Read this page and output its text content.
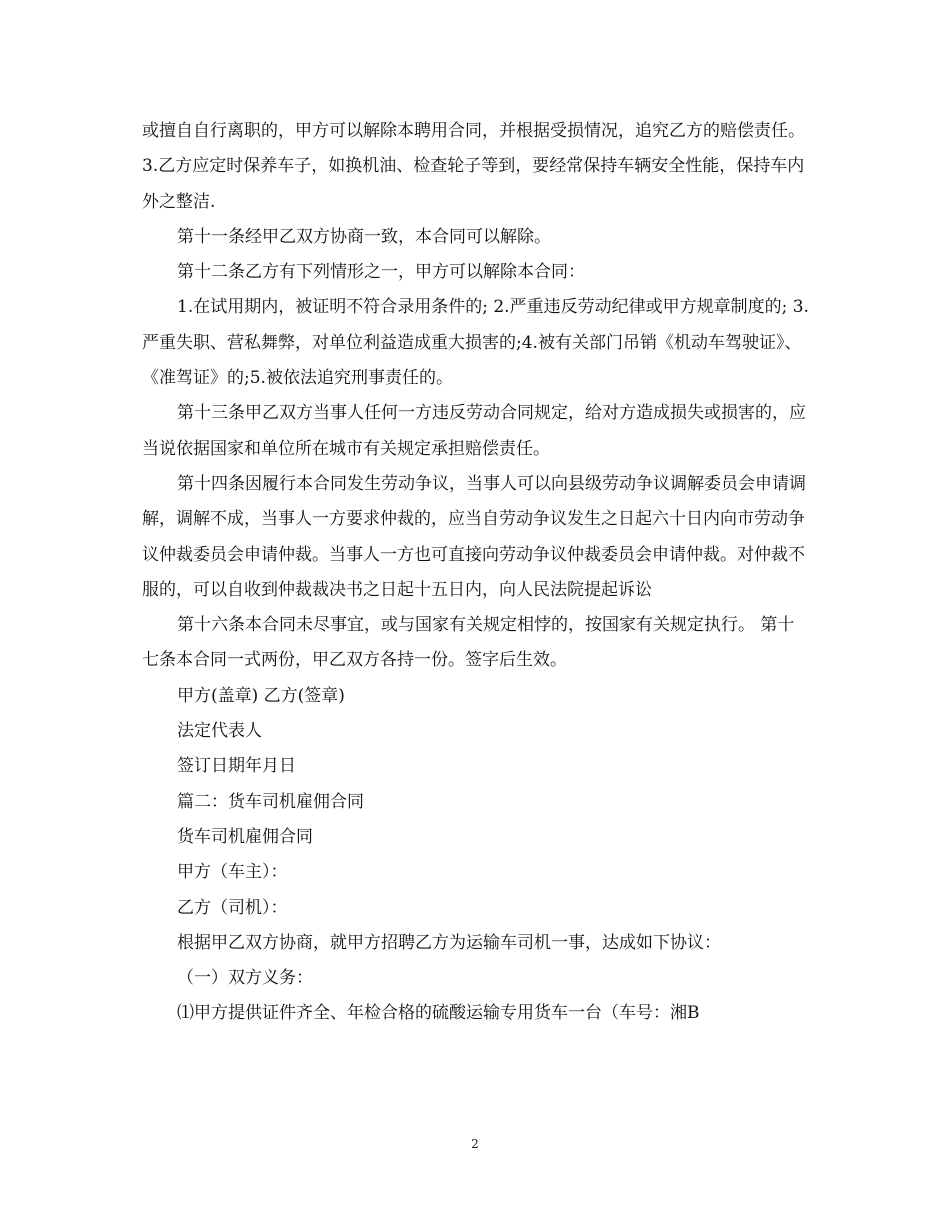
或擅自自行离职的，甲方可以解除本聘用合同，并根据受损情况，追究乙方的赔偿责任。3.乙方应定时保养车子，如换机油、检查轮子等到，要经常保持车辆安全性能，保持车内外之整洁.

第十一条经甲乙双方协商一致，本合同可以解除。

第十二条乙方有下列情形之一，甲方可以解除本合同：

1.在试用期内，被证明不符合录用条件的; 2.严重违反劳动纪律或甲方规章制度的; 3.严重失职、营私舞弊，对单位利益造成重大损害的;4.被有关部门吊销《机动车驾驶证》、《准驾证》的;5.被依法追究刑事责任的。

第十三条甲乙双方当事人任何一方违反劳动合同规定，给对方造成损失或损害的，应当说依据国家和单位所在城市有关规定承担赔偿责任。

第十四条因履行本合同发生劳动争议，当事人可以向县级劳动争议调解委员会申请调解，调解不成，当事人一方要求仲裁的，应当自劳动争议发生之日起六十日内向市劳动争议仲裁委员会申请仲裁。当事人一方也可直接向劳动争议仲裁委员会申请仲裁。对仲裁不服的，可以自收到仲裁裁决书之日起十五日内，向人民法院提起诉讼

第十六条本合同未尽事宜，或与国家有关规定相悖的，按国家有关规定执行。 第十七条本合同一式两份，甲乙双方各持一份。签字后生效。

甲方(盖章) 乙方(签章)

法定代表人

签订日期年月日

篇二：货车司机雇佣合同

货车司机雇佣合同

甲方（车主）：

乙方（司机）：

根据甲乙双方协商，就甲方招聘乙方为运输车司机一事，达成如下协议：

（一）双方义务：

⑴甲方提供证件齐全、年检合格的硫酸运输专用货车一台（车号：湘B

2
